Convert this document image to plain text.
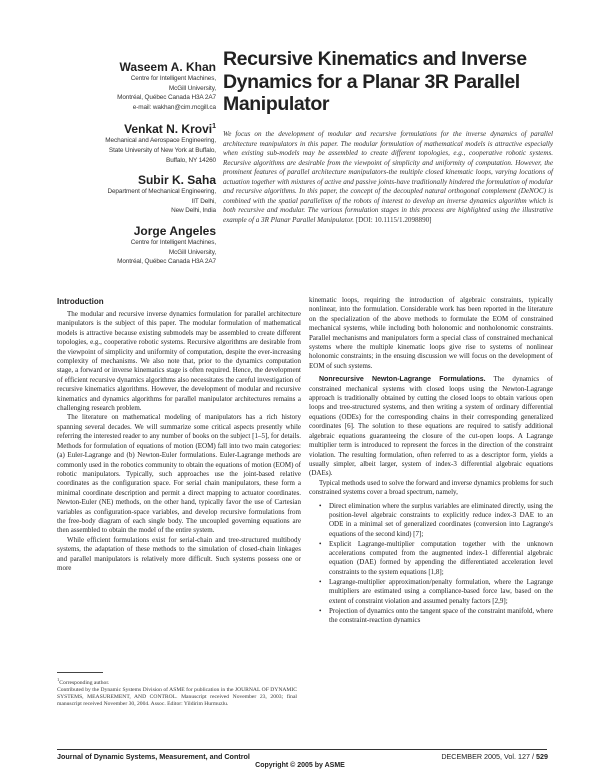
Waseem A. Khan
Centre for Intelligent Machines,
McGill University,
Montréal, Québec Canada H3A 2A7
e-mail: wakhan@cim.mcgill.ca
Venkat N. Krovi$^1$
Mechanical and Aerospace Engineering,
State University of New York at Buffalo,
Buffalo, NY 14260
Subir K. Saha
Department of Mechanical Engineering,
IIT Delhi,
New Delhi, India
Jorge Angeles
Centre for Intelligent Machines,
McGill University,
Montréal, Québec Canada H3A 2A7
Recursive Kinematics and Inverse Dynamics for a Planar 3R Parallel Manipulator
We focus on the development of modular and recursive formulations for the inverse dynamics of parallel architecture manipulators in this paper. The modular formulation of mathematical models is attractive especially when existing sub-models may be assembled to create different topologies, e.g., cooperative robotic systems. Recursive algorithms are desirable from the viewpoint of simplicity and uniformity of computation. However, the prominent features of parallel architecture manipulators-the multiple closed kinematic loops, varying locations of actuation together with mixtures of active and passive joints-have traditionally hindered the formulation of modular and recursive algorithms. In this paper, the concept of the decoupled natural orthogonal complement (DeNOC) is combined with the spatial parallelism of the robots of interest to develop an inverse dynamics algorithm which is both recursive and modular. The various formulation stages in this process are highlighted using the illustrative example of a 3R Planar Parallel Manipulator. [DOI: 10.1115/1.2098890]
Introduction

The modular and recursive inverse dynamics formulation for parallel architecture manipulators is the subject of this paper. The modular formulation of mathematical models is attractive because existing submodels may be assembled to create different topologies, e.g., cooperative robotic systems. Recursive algorithms are desirable from the viewpoint of simplicity and uniformity of computation, despite the ever-increasing complexity of mechanisms. We also note that, prior to the dynamics computation stage, a forward or inverse kinematics stage is often required. Hence, the development of efficient recursive dynamics algorithms also necessitates the careful investigation of recursive kinematics algorithms. However, the development of modular and recursive kinematics and dynamics algorithms for parallel manipulator architectures remains a challenging research problem.

The literature on mathematical modeling of manipulators has a rich history spanning several decades. We will summarize some critical aspects presently while referring the interested reader to any number of books on the subject [1–5], for details. Methods for formulation of equations of motion (EOM) fall into two main categories: (a) Euler-Lagrange and (b) Newton-Euler formulations. Euler-Lagrange methods are commonly used in the robotics community to obtain the equations of motion (EOM) of robotic manipulators. Typically, such approaches use the joint-based relative coordinates as the configuration space. For serial chain manipulators, these form a minimal coordinate description and permit a direct mapping to actuator coordinates. Newton-Euler (NE) methods, on the other hand, typically favor the use of Cartesian variables as configuration-space variables, and develop recursive formulations from the free-body diagram of each single body. The uncoupled governing equations are then assembled to obtain the model of the entire system.

While efficient formulations exist for serial-chain and tree-structured multibody systems, the adaptation of these methods to the simulation of closed-chain linkages and parallel manipulators is relatively more difficult. Such systems possess one or more

kinematic loops, requiring the introduction of algebraic constraints, typically nonlinear, into the formulation. Considerable work has been reported in the literature on the specialization of the above methods to formulate the EOM of constrained mechanical systems, while including both holonomic and nonholonomic constraints. Parallel mechanisms and manipulators form a special class of constrained mechanical systems where the multiple kinematic loops give rise to systems of nonlinear holonomic constraints; in the ensuing discussion we will focus on the development of EOM of such systems.

Nonrecursive Newton-Lagrange Formulations. The dynamics of constrained mechanical systems with closed loops using the Newton-Lagrange approach is traditionally obtained by cutting the closed loops to obtain various open loops and tree-structured systems, and then writing a system of ordinary differential equations (ODEs) for the corresponding chains in their corresponding generalized coordinates [6]. The solution to these equations are required to satisfy additional algebraic equations guaranteeing the closure of the cut-open loops. A Lagrange multiplier term is introduced to represent the forces in the direction of the constraint violation. The resulting formulation, often referred to as a descriptor form, yields a usually simpler, albeit larger, system of index-3 differential algebraic equations (DAEs).

Typical methods used to solve the forward and inverse dynamics problems for such constrained systems cover a broad spectrum, namely,

• Direct elimination where the surplus variables are eliminated directly, using the position-level algebraic constraints to explicitly reduce index-3 DAE to an ODE in a minimal set of generalized coordinates (conversion into Lagrange's equations of the second kind) [7];
• Explicit Lagrange-multiplier computation together with the unknown accelerations computed from the augmented index-1 differential algebraic equation (DAE) formed by appending the differentiated acceleration level constraints to the system equations [1,8];
• Lagrange-multiplier approximation/penalty formulation, where the Lagrange multipliers are estimated using a compliance-based force law, based on the extent of constraint violation and assumed penalty factors [2,9];
• Projection of dynamics onto the tangent space of the constraint manifold, where the constraint-reaction dynamics

$^1$Corresponding author.

Contributed by the Dynamic Systems Division of ASME for publication in the JOURNAL OF DYNAMIC SYSTEMS, MEASUREMENT, AND CONTROL. Manuscript received November 23, 2003; final manuscript received November 30, 2004. Assoc. Editor: Yildirim Hurmuzlu.

Journal of Dynamic Systems, Measurement, and Control	DECEMBER 2005, Vol. 127 / 529
Copyright © 2005 by ASME
